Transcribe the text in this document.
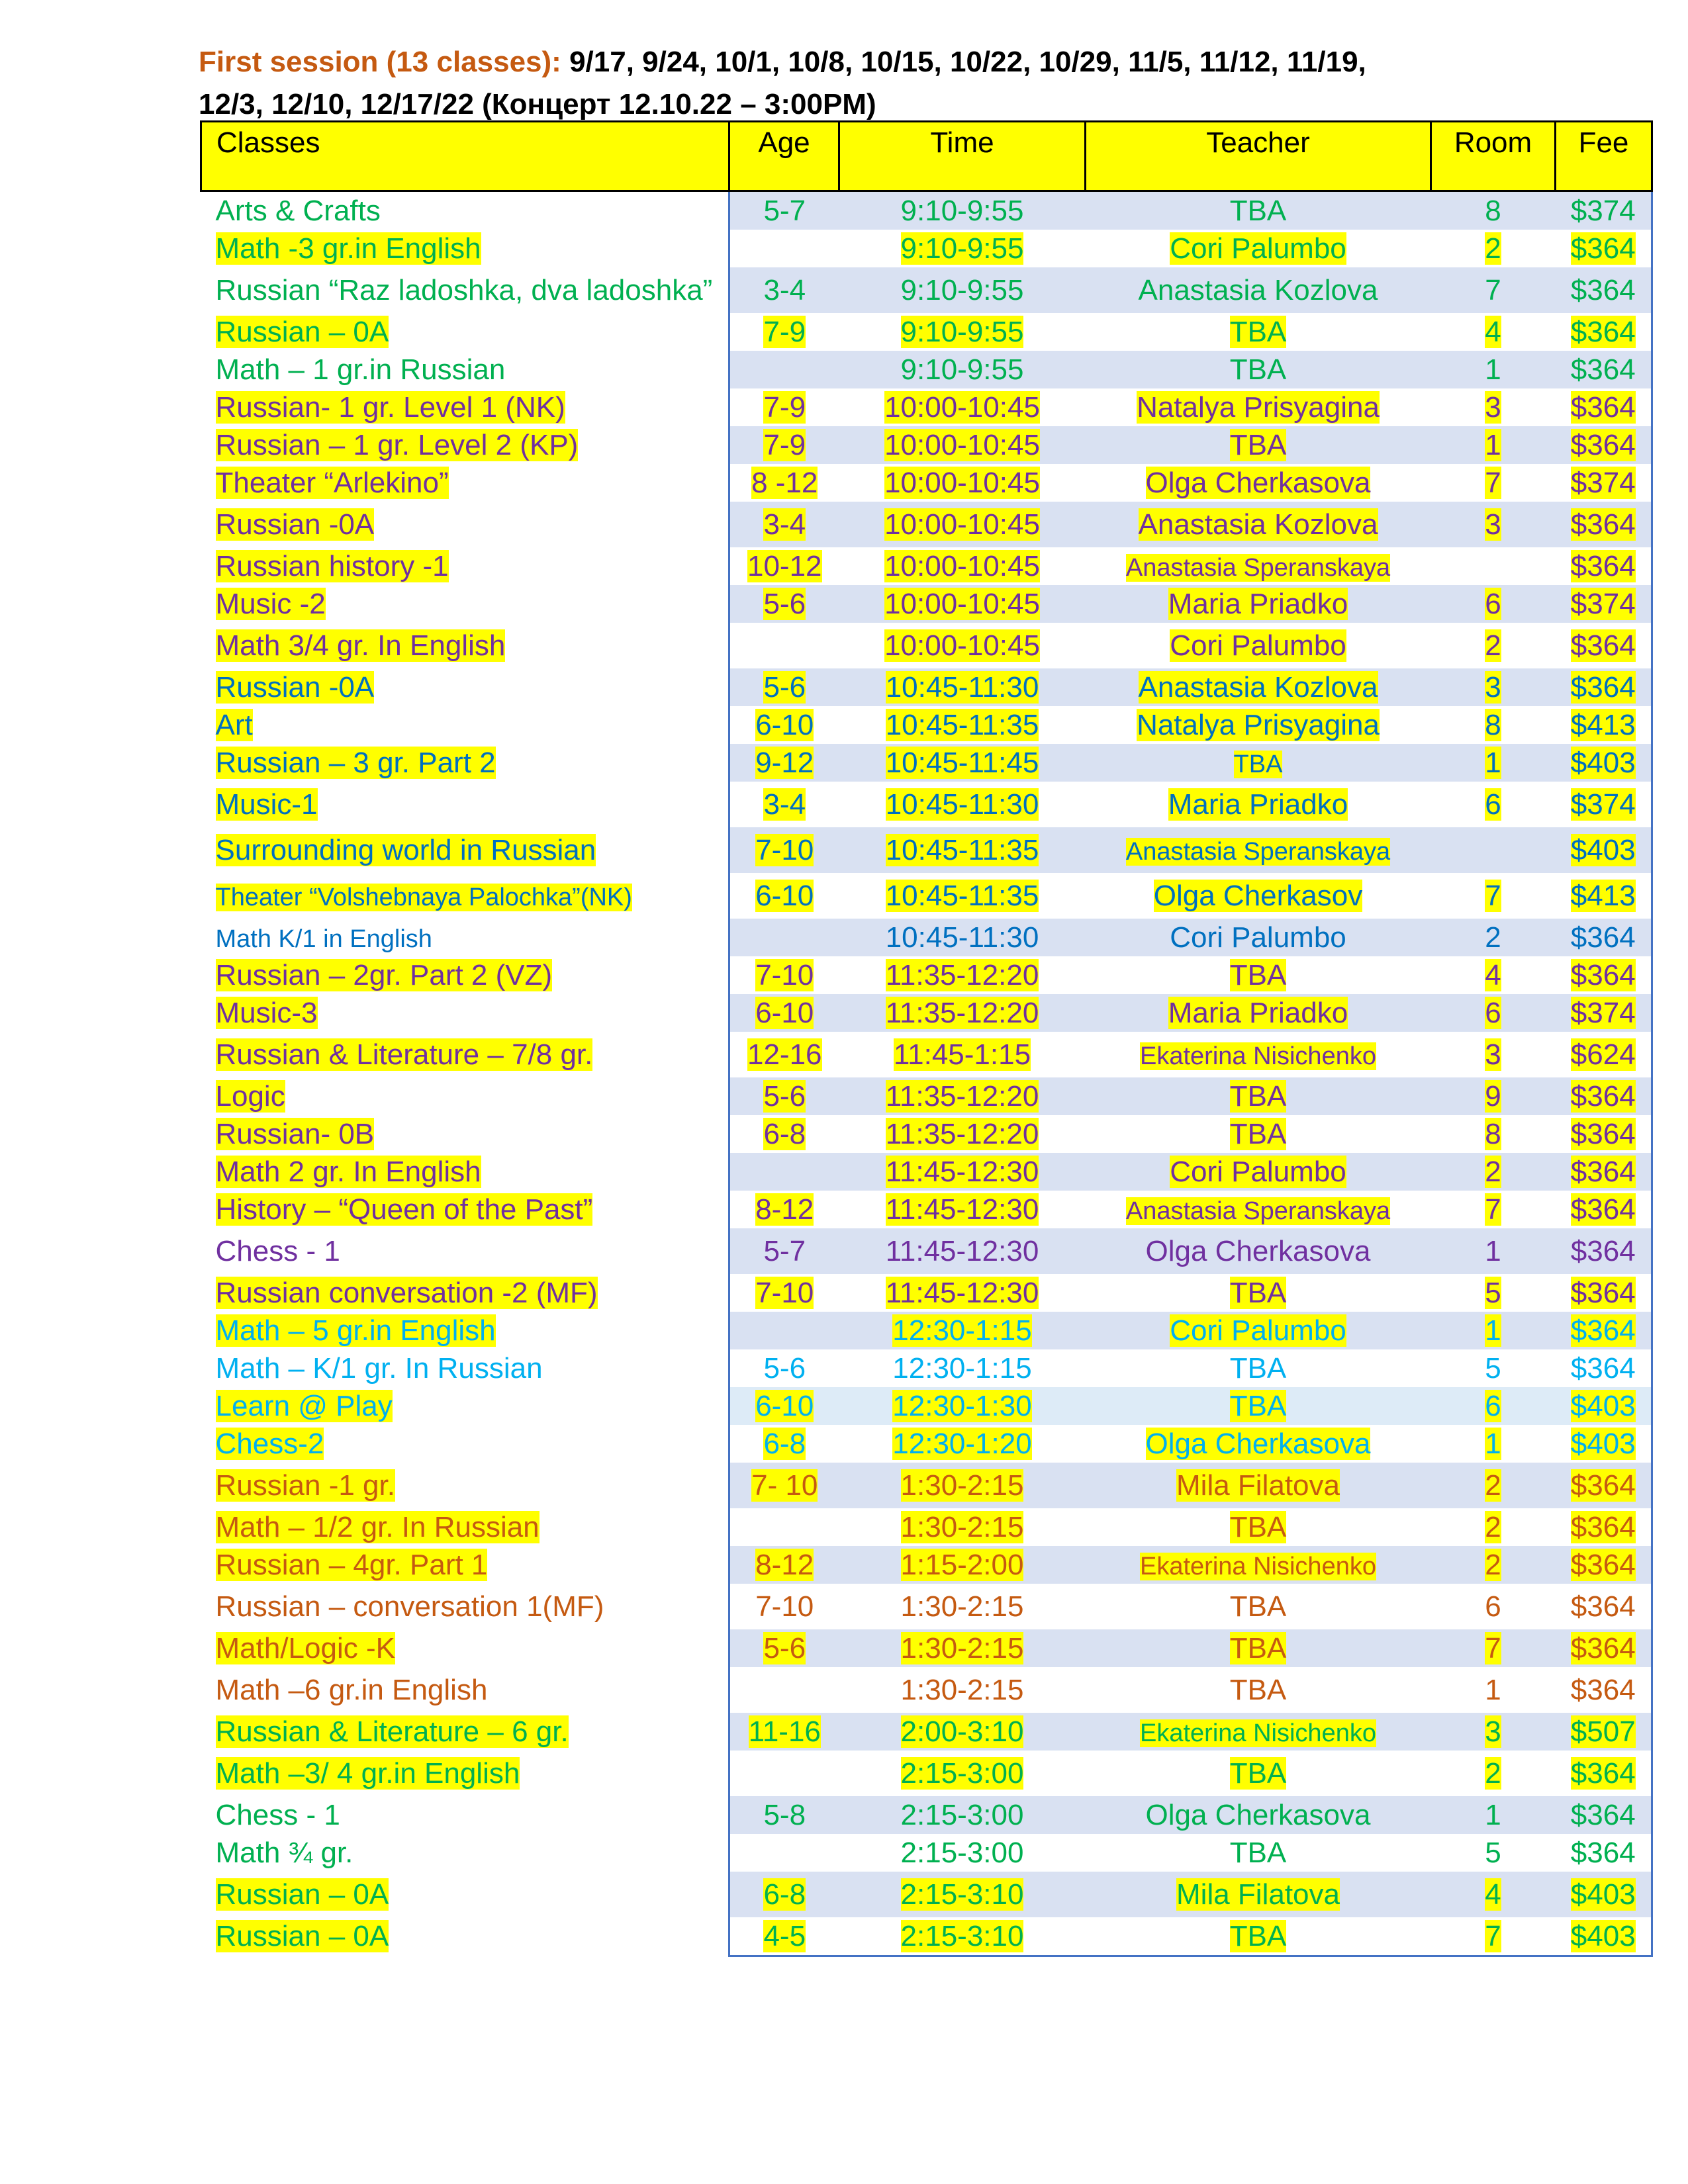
First session (13 classes): 9/17, 9/24, 10/1, 10/8, 10/15, 10/22, 10/29, 11/5, 11/12, 11/19,
12/3, 12/10, 12/17/22 (Концерт 12.10.22 – 3:00PM)
Classes	Age	Time	Teacher	Room	Fee
Arts & Crafts	5-7	9:10-9:55	TBA	8	$374
Math -3 gr.in English		9:10-9:55	Cori Palumbo	2	$364
Russian “Raz ladoshka, dva ladoshka”	3-4	9:10-9:55	Anastasia Kozlova	7	$364
Russian – 0A	7-9	9:10-9:55	TBA	4	$364
Math – 1 gr.in Russian		9:10-9:55	TBA	1	$364
Russian- 1 gr. Level 1 (NK)	7-9	10:00-10:45	Natalya Prisyagina	3	$364
Russian – 1 gr. Level 2 (KP)	7-9	10:00-10:45	TBA	1	$364
Theater “Arlekino”	8 -12	10:00-10:45	Olga Cherkasova	7	$374
Russian -0A	3-4	10:00-10:45	Anastasia Kozlova	3	$364
Russian history -1	10-12	10:00-10:45	Anastasia Speranskaya		$364
Music -2	5-6	10:00-10:45	Maria Priadko	6	$374
Math 3/4 gr. In English		10:00-10:45	Cori Palumbo	2	$364
Russian -0A	5-6	10:45-11:30	Anastasia Kozlova	3	$364
Art	6-10	10:45-11:35	Natalya Prisyagina	8	$413
Russian – 3 gr. Part 2	9-12	10:45-11:45	TBA	1	$403
Music-1	3-4	10:45-11:30	Maria Priadko	6	$374
Surrounding world in Russian	7-10	10:45-11:35	Anastasia Speranskaya		$403
Theater “Volshebnaya Palochka”(NK)	6-10	10:45-11:35	Olga Cherkasov	7	$413
Math K/1 in English		10:45-11:30	Cori Palumbo	2	$364
Russian – 2gr. Part 2 (VZ)	7-10	11:35-12:20	TBA	4	$364
Music-3	6-10	11:35-12:20	Maria Priadko	6	$374
Russian & Literature – 7/8 gr.	12-16	11:45-1:15	Ekaterina Nisichenko	3	$624
Logic	5-6	11:35-12:20	TBA	9	$364
Russian- 0B	6-8	11:35-12:20	TBA	8	$364
Math 2 gr. In English		11:45-12:30	Cori Palumbo	2	$364
History – “Queen of the Past”	8-12	11:45-12:30	Anastasia Speranskaya	7	$364
Chess - 1	5-7	11:45-12:30	Olga Cherkasova	1	$364
Russian conversation -2 (MF)	7-10	11:45-12:30	TBA	5	$364
Math – 5 gr.in English		12:30-1:15	Cori Palumbo	1	$364
Math – K/1 gr. In Russian	5-6	12:30-1:15	TBA	5	$364
Learn @ Play	6-10	12:30-1:30	TBA	6	$403
Chess-2	6-8	12:30-1:20	Olga Cherkasova	1	$403
Russian -1 gr.	7- 10	1:30-2:15	Mila Filatova	2	$364
Math – 1/2 gr. In Russian		1:30-2:15	TBA	2	$364
Russian – 4gr. Part 1	8-12	1:15-2:00	Ekaterina Nisichenko	2	$364
Russian – conversation 1(MF)	7-10	1:30-2:15	TBA	6	$364
Math/Logic -K	5-6	1:30-2:15	TBA	7	$364
Math –6 gr.in English		1:30-2:15	TBA	1	$364
Russian & Literature – 6 gr.	11-16	2:00-3:10	Ekaterina Nisichenko	3	$507
Math –3/ 4 gr.in English		2:15-3:00	TBA	2	$364
Chess - 1	5-8	2:15-3:00	Olga Cherkasova	1	$364
Math ¾ gr.		2:15-3:00	TBA	5	$364
Russian – 0A	6-8	2:15-3:10	Mila Filatova	4	$403
Russian – 0A	4-5	2:15-3:10	TBA	7	$403
